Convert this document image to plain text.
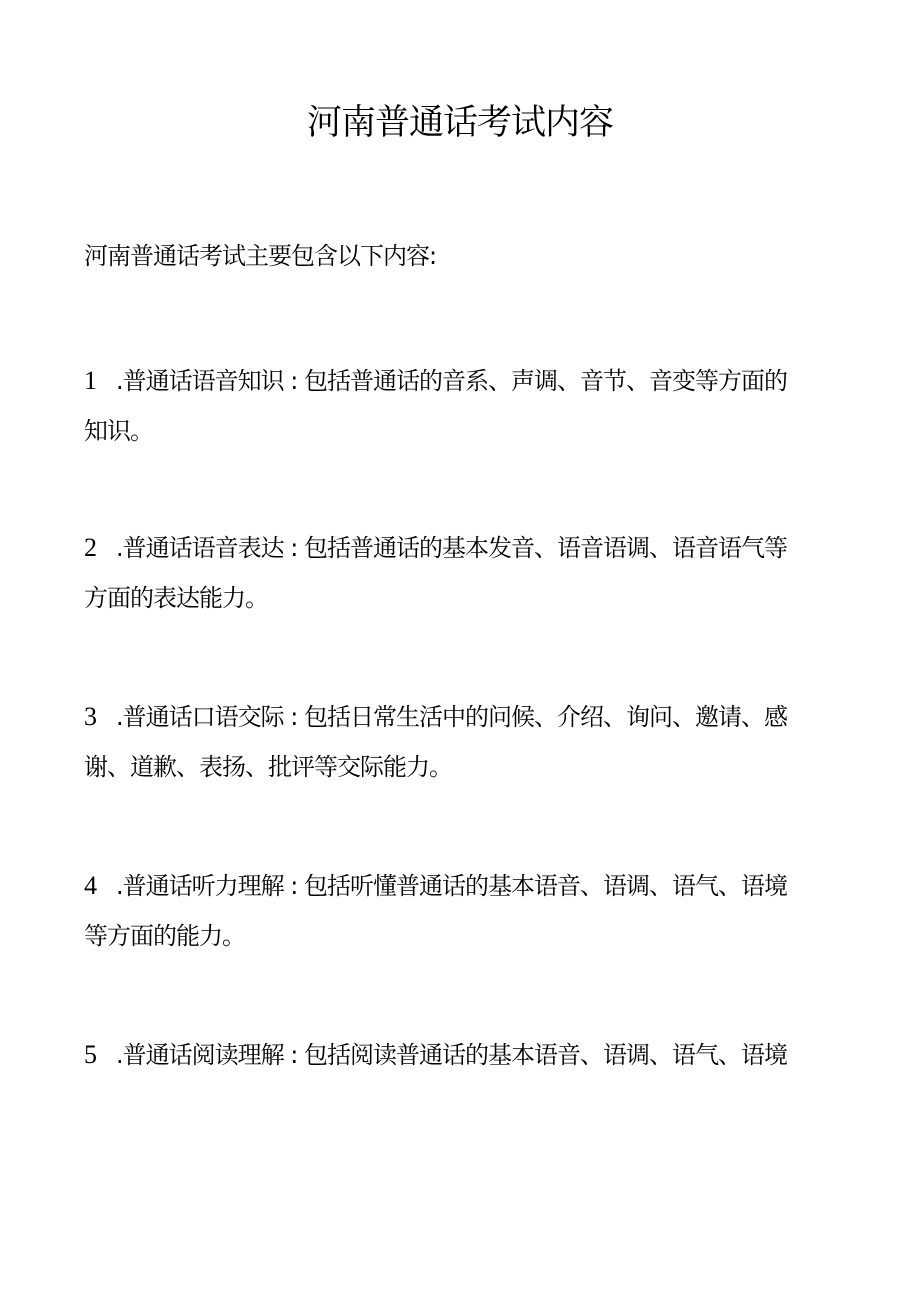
河南普通话考试内容
河南普通话考试主要包含以下内容:
1 .普通话语音知识 : 包括普通话的音系、声调、音节、音变等方面的
知识。
2 .普通话语音表达 : 包括普通话的基本发音、语音语调、语音语气等
方面的表达能力。
3 .普通话口语交际 : 包括日常生活中的问候、介绍、询问、邀请、感
谢、道歉、表扬、批评等交际能力。
4 .普通话听力理解 : 包括听懂普通话的基本语音、语调、语气、语境
等方面的能力。
5 .普通话阅读理解 : 包括阅读普通话的基本语音、语调、语气、语境
